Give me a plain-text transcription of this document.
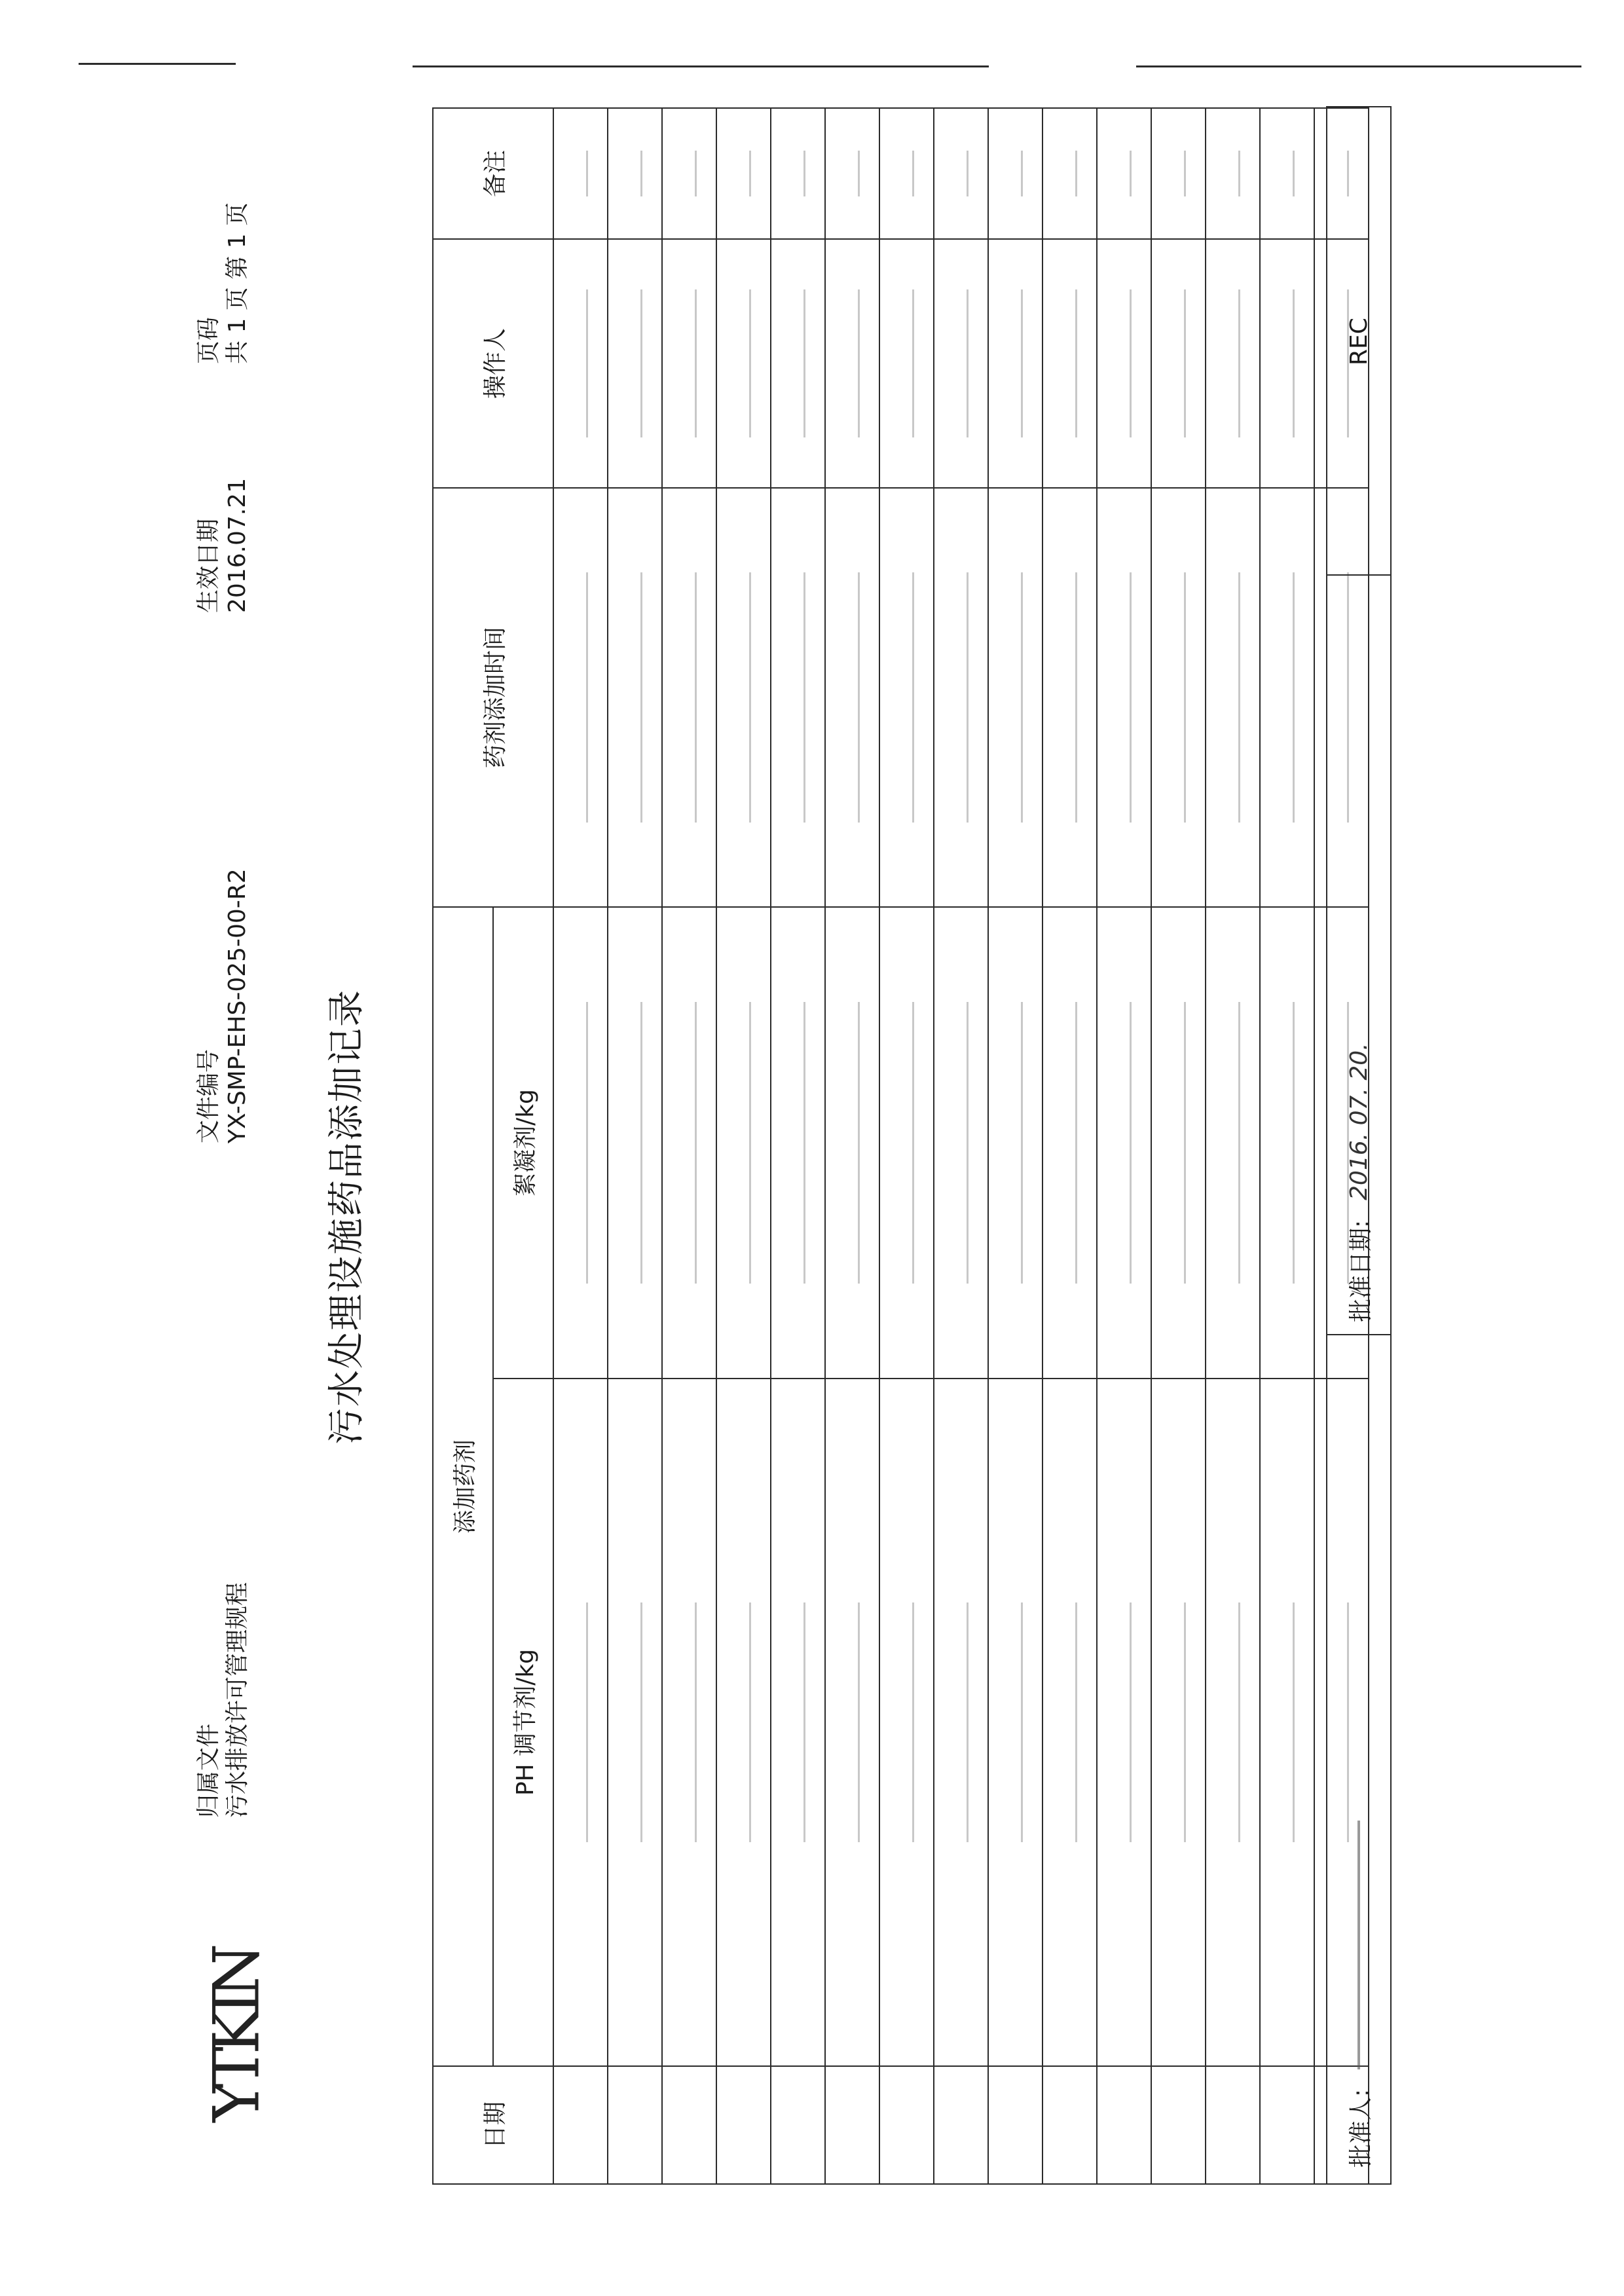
YTKIN
归属文件 污水排放许可管理规程
文件编号 YX-SMP-EHS-025-00-R2
生效日期 2016.07.21
页码 共 1 页 第 1 页
污水处理设施药品添加记录
日期	添加药剂		药剂添加时间	操作人	备注
	PH 调节剂/kg	絮凝剂/kg			

批准人:
批准日期:
2016. 07. 20.
REC
